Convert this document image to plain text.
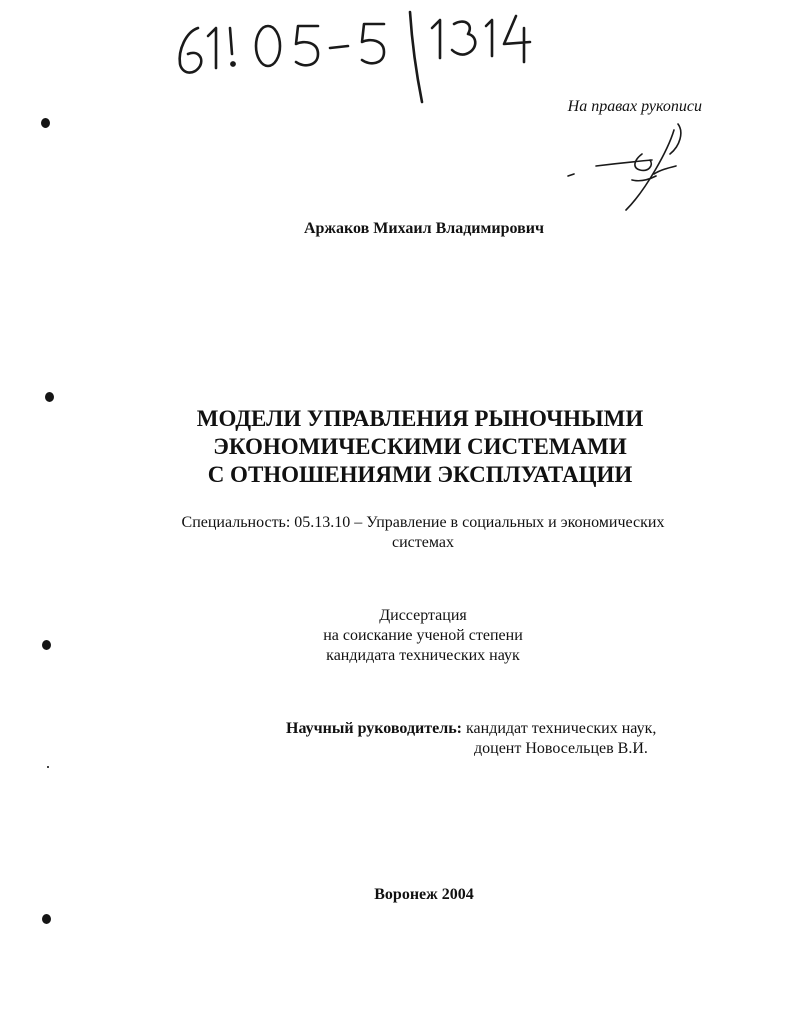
На правах рукописи
Аржаков Михаил Владимирович
МОДЕЛИ УПРАВЛЕНИЯ РЫНОЧНЫМИ
ЭКОНОМИЧЕСКИМИ СИСТЕМАМИ
С ОТНОШЕНИЯМИ ЭКСПЛУАТАЦИИ
Специальность: 05.13.10 – Управление в социальных и экономических
системах
Диссертация
на соискание ученой степени
кандидата технических наук
Научный руководитель: кандидат технических наук,
доцент Новосельцев В.И.
Воронеж 2004
